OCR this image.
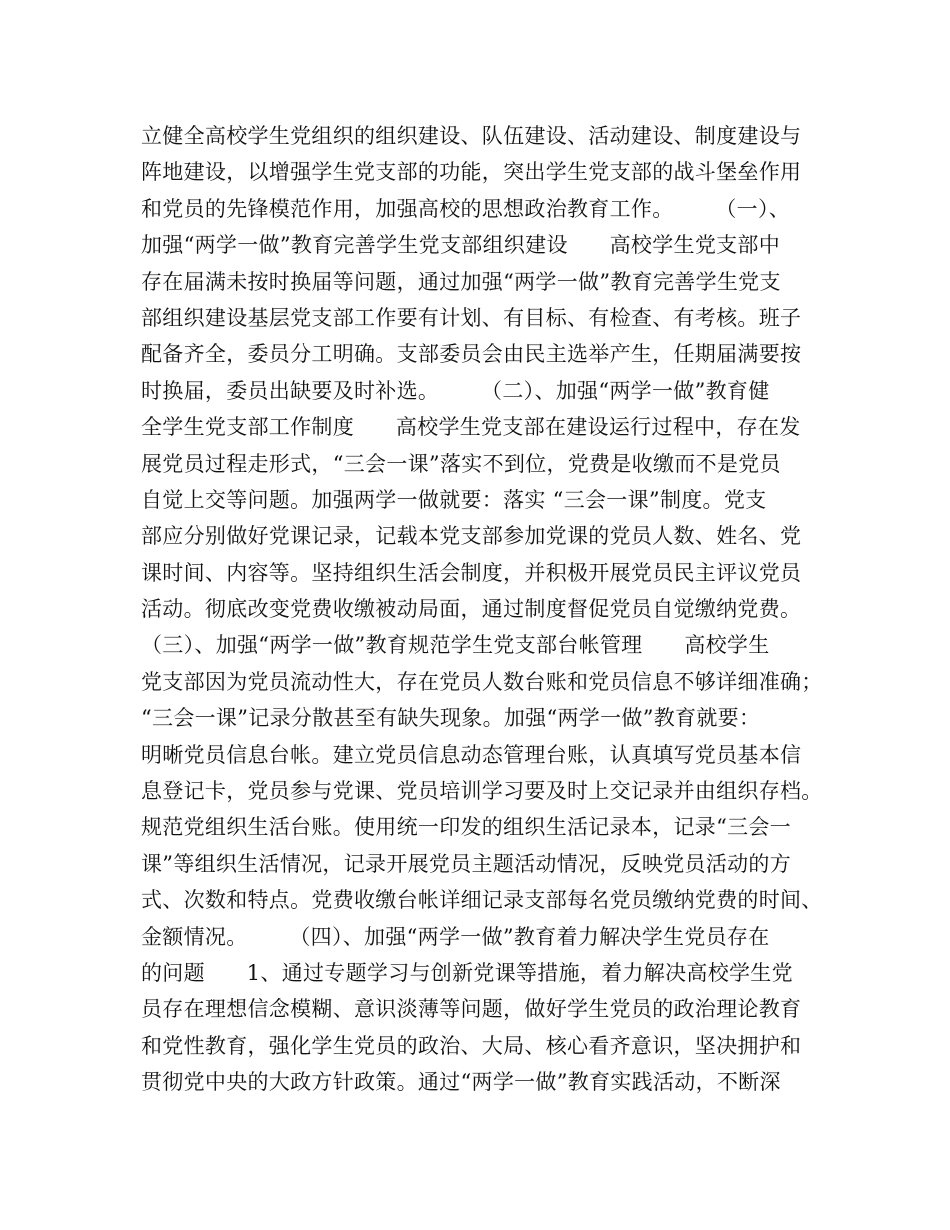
立健全高校学生党组织的组织建设、队伍建设、活动建设、制度建设与
阵地建设，以增强学生党支部的功能，突出学生党支部的战斗堡垒作用
和党员的先锋模范作用，加强高校的思想政治教育工作。      （一）、
加强“两学一做”教育完善学生党支部组织建设      高校学生党支部中
存在届满未按时换届等问题，通过加强“两学一做”教育完善学生党支
部组织建设基层党支部工作要有计划、有目标、有检查、有考核。班子
配备齐全，委员分工明确。支部委员会由民主选举产生，任期届满要按
时换届，委员出缺要及时补选。      （二）、加强“两学一做”教育健
全学生党支部工作制度      高校学生党支部在建设运行过程中，存在发
展党员过程走形式，“三会一课”落实不到位，党费是收缴而不是党员
自觉上交等问题。加强两学一做就要：落实 “三会一课”制度。党支
部应分别做好党课记录，记载本党支部参加党课的党员人数、姓名、党
课时间、内容等。坚持组织生活会制度，并积极开展党员民主评议党员
活动。彻底改变党费收缴被动局面，通过制度督促党员自觉缴纳党费。
（三）、加强“两学一做”教育规范学生党支部台帐管理      高校学生
党支部因为党员流动性大，存在党员人数台账和党员信息不够详细准确；
“三会一课”记录分散甚至有缺失现象。加强“两学一做”教育就要：
明晰党员信息台帐。建立党员信息动态管理台账，认真填写党员基本信
息登记卡，党员参与党课、党员培训学习要及时上交记录并由组织存档。
规范党组织生活台账。使用统一印发的组织生活记录本，记录“三会一
课”等组织生活情况，记录开展党员主题活动情况，反映党员活动的方
式、次数和特点。党费收缴台帐详细记录支部每名党员缴纳党费的时间、
金额情况。      （四）、加强“两学一做”教育着力解决学生党员存在
的问题      1、通过专题学习与创新党课等措施，着力解决高校学生党
员存在理想信念模糊、意识淡薄等问题，做好学生党员的政治理论教育
和党性教育，强化学生党员的政治、大局、核心看齐意识，坚决拥护和
贯彻党中央的大政方针政策。通过“两学一做”教育实践活动，不断深
